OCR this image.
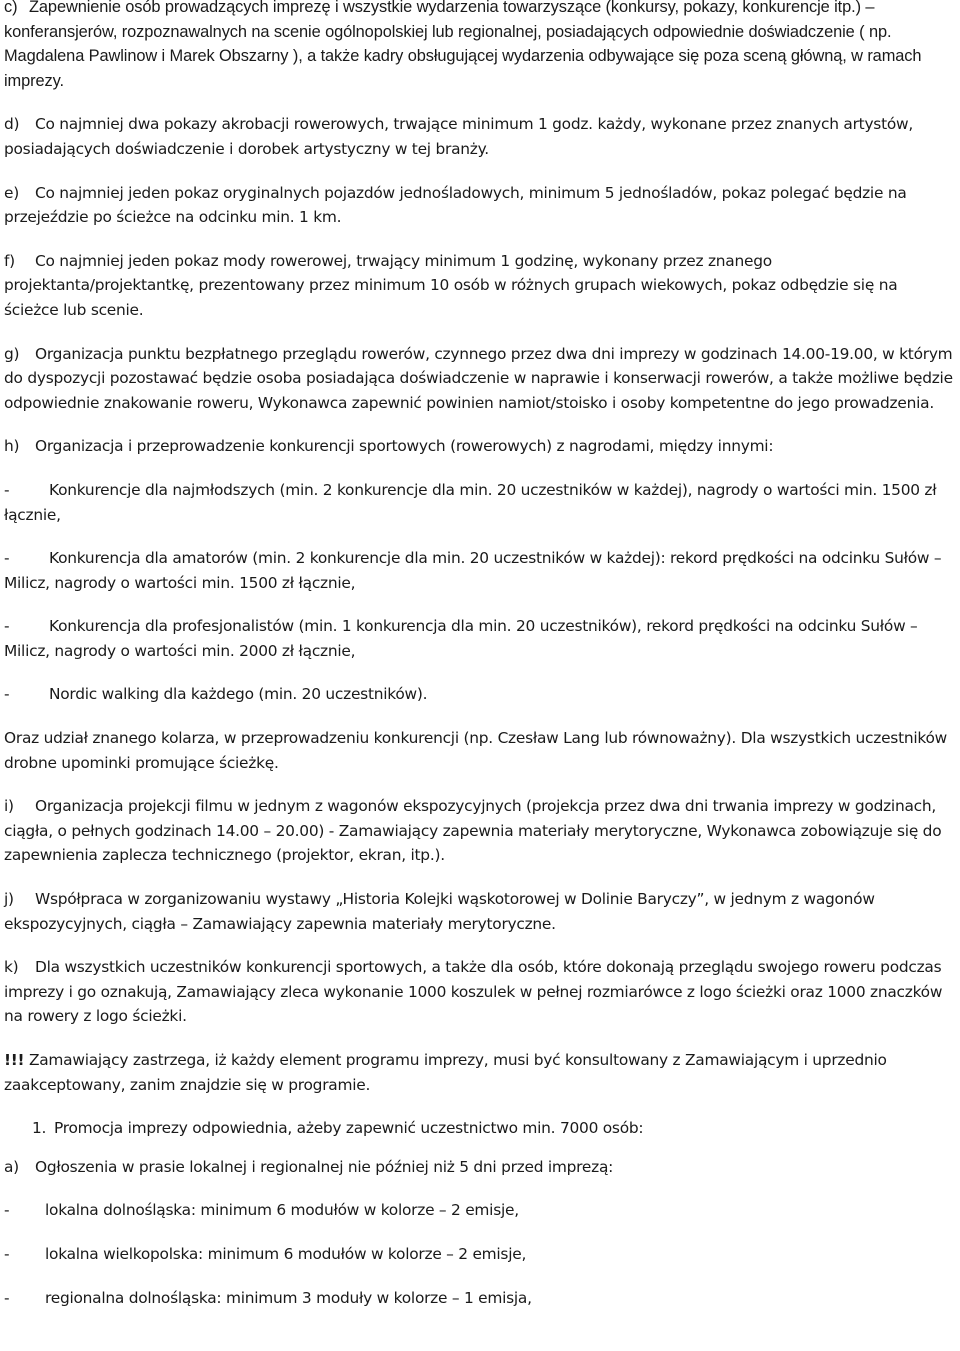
c) Zapewnienie osób prowadzących imprezę i wszystkie wydarzenia towarzyszące (konkursy, pokazy, konkurencje itp.) – konferansjerów, rozpoznawalnych na scenie ogólnopolskiej lub regionalnej, posiadających odpowiednie doświadczenie ( np. Magdalena Pawlinow i Marek Obszarny ), a także kadry obsługującej wydarzenia odbywające się poza sceną główną, w ramach imprezy.

d) Co najmniej dwa pokazy akrobacji rowerowych, trwające minimum 1 godz. każdy, wykonane przez znanych artystów, posiadających doświadczenie i dorobek artystyczny w tej branży.

e) Co najmniej jeden pokaz oryginalnych pojazdów jednośladowych, minimum 5 jednośladów, pokaz polegać będzie na przejeździe po ścieżce na odcinku min. 1 km.

f) Co najmniej jeden pokaz mody rowerowej, trwający minimum 1 godzinę, wykonany przez znanego projektanta/projektantkę, prezentowany przez minimum 10 osób w różnych grupach wiekowych, pokaz odbędzie się na ścieżce lub scenie.

g) Organizacja punktu bezpłatnego przeglądu rowerów, czynnego przez dwa dni imprezy w godzinach 14.00-19.00, w którym do dyspozycji pozostawać będzie osoba posiadająca doświadczenie w naprawie i konserwacji rowerów, a także możliwe będzie odpowiednie znakowanie roweru, Wykonawca zapewnić powinien namiot/stoisko i osoby kompetentne do jego prowadzenia.

h) Organizacja i przeprowadzenie konkurencji sportowych (rowerowych) z nagrodami, między innymi:

-	Konkurencje dla najmłodszych (min. 2 konkurencje dla min. 20 uczestników w każdej), nagrody o wartości min. 1500 zł łącznie,

-	Konkurencja dla amatorów (min. 2 konkurencje dla min. 20 uczestników w każdej): rekord prędkości na odcinku Sułów – Milicz, nagrody o wartości min. 1500 zł łącznie,

-	Konkurencja dla profesjonalistów (min. 1 konkurencja dla min. 20 uczestników), rekord prędkości na odcinku Sułów – Milicz, nagrody o wartości min. 2000 zł łącznie,

-	Nordic walking dla każdego (min. 20 uczestników).

Oraz udział znanego kolarza, w przeprowadzeniu konkurencji (np. Czesław Lang lub równoważny). Dla wszystkich uczestników drobne upominki promujące ścieżkę.

i) Organizacja projekcji filmu w jednym z wagonów ekspozycyjnych (projekcja przez dwa dni trwania imprezy w godzinach, ciągła, o pełnych godzinach 14.00 – 20.00) - Zamawiający zapewnia materiały merytoryczne, Wykonawca zobowiązuje się do zapewnienia zaplecza technicznego (projektor, ekran, itp.).

j) Współpraca w zorganizowaniu wystawy „Historia Kolejki wąskotorowej w Dolinie Baryczy”, w jednym z wagonów ekspozycyjnych, ciągła – Zamawiający zapewnia materiały merytoryczne.

k) Dla wszystkich uczestników konkurencji sportowych, a także dla osób, które dokonają przeglądu swojego roweru podczas imprezy i go oznakują, Zamawiający zleca wykonanie 1000 koszulek w pełnej rozmiarówce z logo ścieżki oraz 1000 znaczków na rowery z logo ścieżki.

!!! Zamawiający zastrzega, iż każdy element programu imprezy, musi być konsultowany z Zamawiającym i uprzednio zaakceptowany, zanim znajdzie się w programie.

1. Promocja imprezy odpowiednia, ażeby zapewnić uczestnictwo min. 7000 osób:

a) Ogłoszenia w prasie lokalnej i regionalnej nie później niż 5 dni przed imprezą:

- lokalna dolnośląska: minimum 6 modułów w kolorze – 2 emisje,

- lokalna wielkopolska: minimum 6 modułów w kolorze – 2 emisje,

- regionalna dolnośląska: minimum 3 moduły w kolorze – 1 emisja,
